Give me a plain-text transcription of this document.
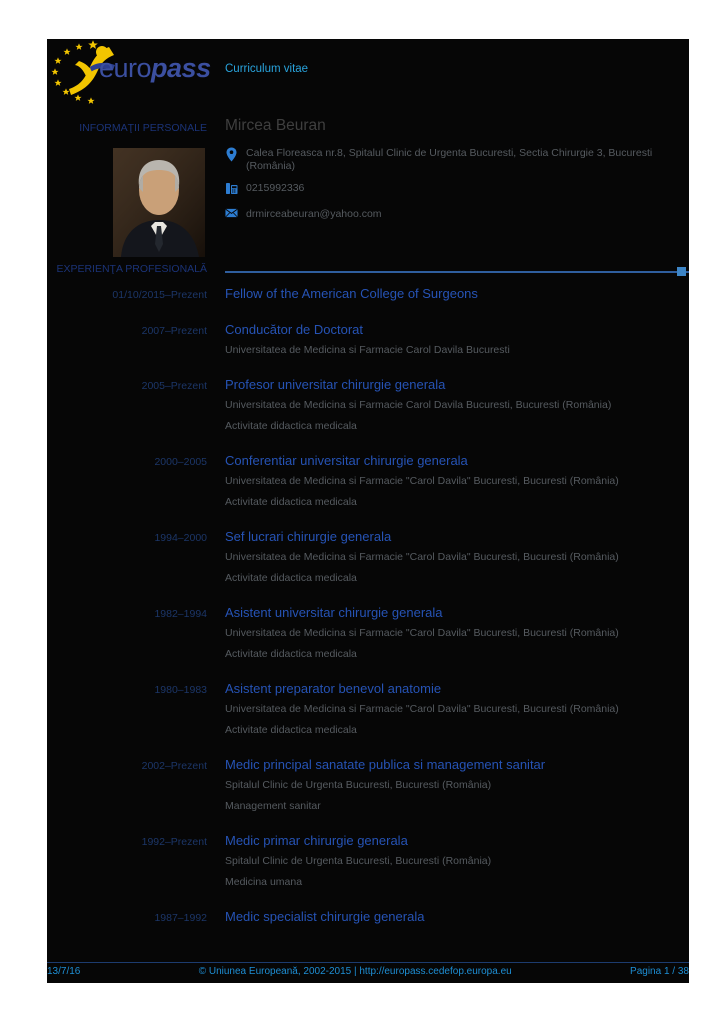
europass Curriculum vitae
INFORMAŢII PERSONALE Mircea Beuran
Calea Floreasca nr.8, Spitalul Clinic de Urgenta Bucuresti, Sectia Chirurgie 3, Bucuresti (România)
0215992336
drmirceabeuran@yahoo.com
EXPERIENŢA PROFESIONALĂ
01/10/2015–Prezent Fellow of the American College of Surgeons
2007–Prezent Conducător de Doctorat
Universitatea de Medicina si Farmacie Carol Davila Bucuresti
2005–Prezent Profesor universitar chirurgie generala
Universitatea de Medicina si Farmacie Carol Davila Bucuresti, Bucuresti (România)
Activitate didactica medicala
2000–2005 Conferentiar universitar chirurgie generala
Universitatea de Medicina si Farmacie "Carol Davila" Bucuresti, Bucuresti (România)
Activitate didactica medicala
1994–2000 Sef lucrari chirurgie generala
Universitatea de Medicina si Farmacie "Carol Davila" Bucuresti, Bucuresti (România)
Activitate didactica medicala
1982–1994 Asistent universitar chirurgie generala
Universitatea de Medicina si Farmacie "Carol Davila" Bucuresti, Bucuresti (România)
Activitate didactica medicala
1980–1983 Asistent preparator benevol anatomie
Universitatea de Medicina si Farmacie "Carol Davila" Bucuresti, Bucuresti (România)
Activitate didactica medicala
2002–Prezent Medic principal sanatate publica si management sanitar
Spitalul Clinic de Urgenta Bucuresti, Bucuresti (România)
Management sanitar
1992–Prezent Medic primar chirurgie generala
Spitalul Clinic de Urgenta Bucuresti, Bucuresti (România)
Medicina umana
1987–1992 Medic specialist chirurgie generala
13/7/16	© Uniunea Europeană, 2002-2015 | http://europass.cedefop.europa.eu	Pagina 1 / 38
